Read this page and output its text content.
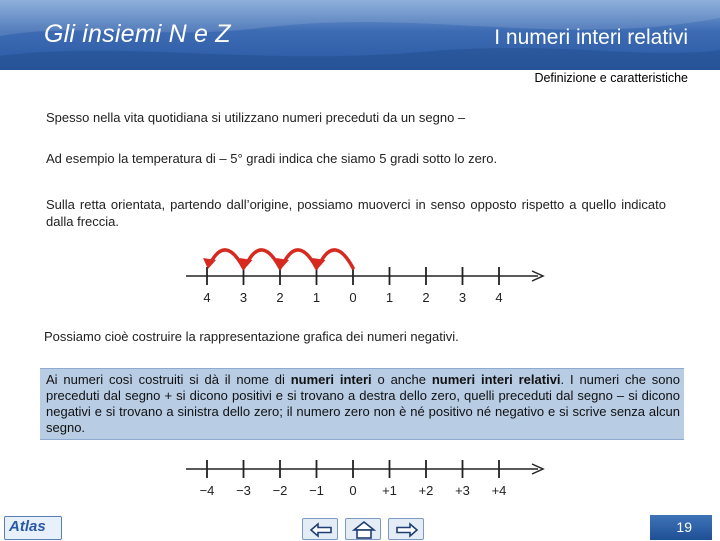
Gli insiemi N e Z	I numeri interi relativi
Definizione e caratteristiche
Spesso nella vita quotidiana si utilizzano numeri preceduti da un segno –
Ad esempio la temperatura di – 5° gradi indica che siamo 5 gradi sotto lo zero.
Sulla retta orientata, partendo dall’origine, possiamo muoverci in senso opposto rispetto a quello indicato dalla freccia.
4 3 2 1 0 1 2 3 4
Possiamo cioè costruire la rappresentazione grafica dei numeri negativi.
Ai numeri così costruiti si dà il nome di numeri interi o anche numeri interi relativi. I numeri che sono preceduti dal segno + si dicono positivi e si trovano a destra dello zero, quelli preceduti dal segno – si dicono negativi e si trovano a sinistra dello zero; il numero zero non è né positivo né negativo e si scrive senza alcun segno.
−4 −3 −2 −1 0 +1 +2 +3 +4
Atlas	19
